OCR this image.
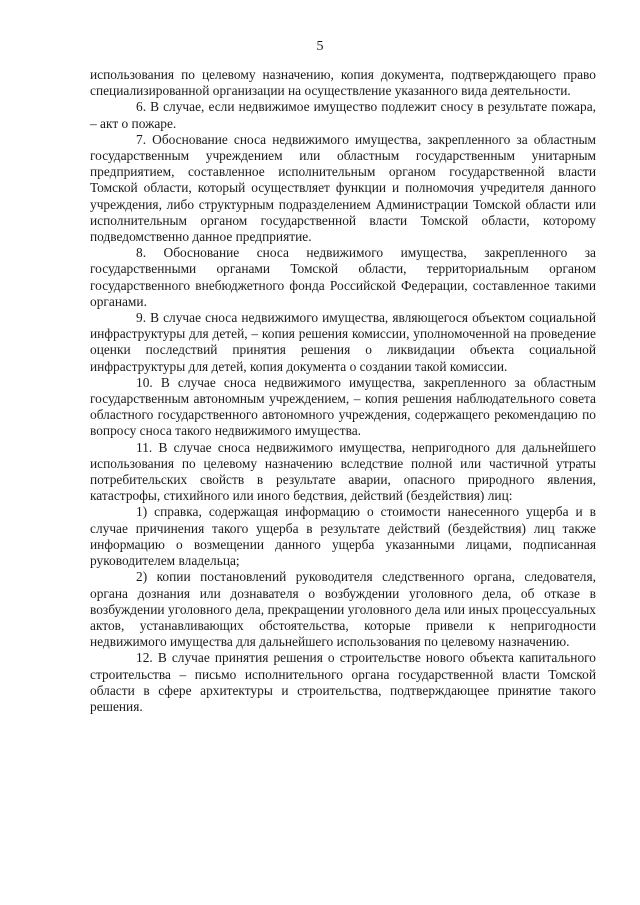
5

использования по целевому назначению, копия документа, подтверждающего право специализированной организации на осуществление указанного вида деятельности.

6. В случае, если недвижимое имущество подлежит сносу в результате пожара, – акт о пожаре.

7. Обоснование сноса недвижимого имущества, закрепленного за областным государственным учреждением или областным государственным унитарным предприятием, составленное исполнительным органом государственной власти Томской области, который осуществляет функции и полномочия учредителя данного учреждения, либо структурным подразделением Администрации Томской области или исполнительным органом государственной власти Томской области, которому подведомственно данное предприятие.

8. Обоснование сноса недвижимого имущества, закрепленного за государственными органами Томской области, территориальным органом государственного внебюджетного фонда Российской Федерации, составленное такими органами.

9. В случае сноса недвижимого имущества, являющегося объектом социальной инфраструктуры для детей, – копия решения комиссии, уполномоченной на проведение оценки последствий принятия решения о ликвидации объекта социальной инфраструктуры для детей, копия документа о создании такой комиссии.

10. В случае сноса недвижимого имущества, закрепленного за областным государственным автономным учреждением, – копия решения наблюдательного совета областного государственного автономного учреждения, содержащего рекомендацию по вопросу сноса такого недвижимого имущества.

11. В случае сноса недвижимого имущества, непригодного для дальнейшего использования по целевому назначению вследствие полной или частичной утраты потребительских свойств в результате аварии, опасного природного явления, катастрофы, стихийного или иного бедствия, действий (бездействия) лиц:

1) справка, содержащая информацию о стоимости нанесенного ущерба и в случае причинения такого ущерба в результате действий (бездействия) лиц также информацию о возмещении данного ущерба указанными лицами, подписанная руководителем владельца;

2) копии постановлений руководителя следственного органа, следователя, органа дознания или дознавателя о возбуждении уголовного дела, об отказе в возбуждении уголовного дела, прекращении уголовного дела или иных процессуальных актов, устанавливающих обстоятельства, которые привели к непригодности недвижимого имущества для дальнейшего использования по целевому назначению.

12. В случае принятия решения о строительстве нового объекта капитального строительства – письмо исполнительного органа государственной власти Томской области в сфере архитектуры и строительства, подтверждающее принятие такого решения.
